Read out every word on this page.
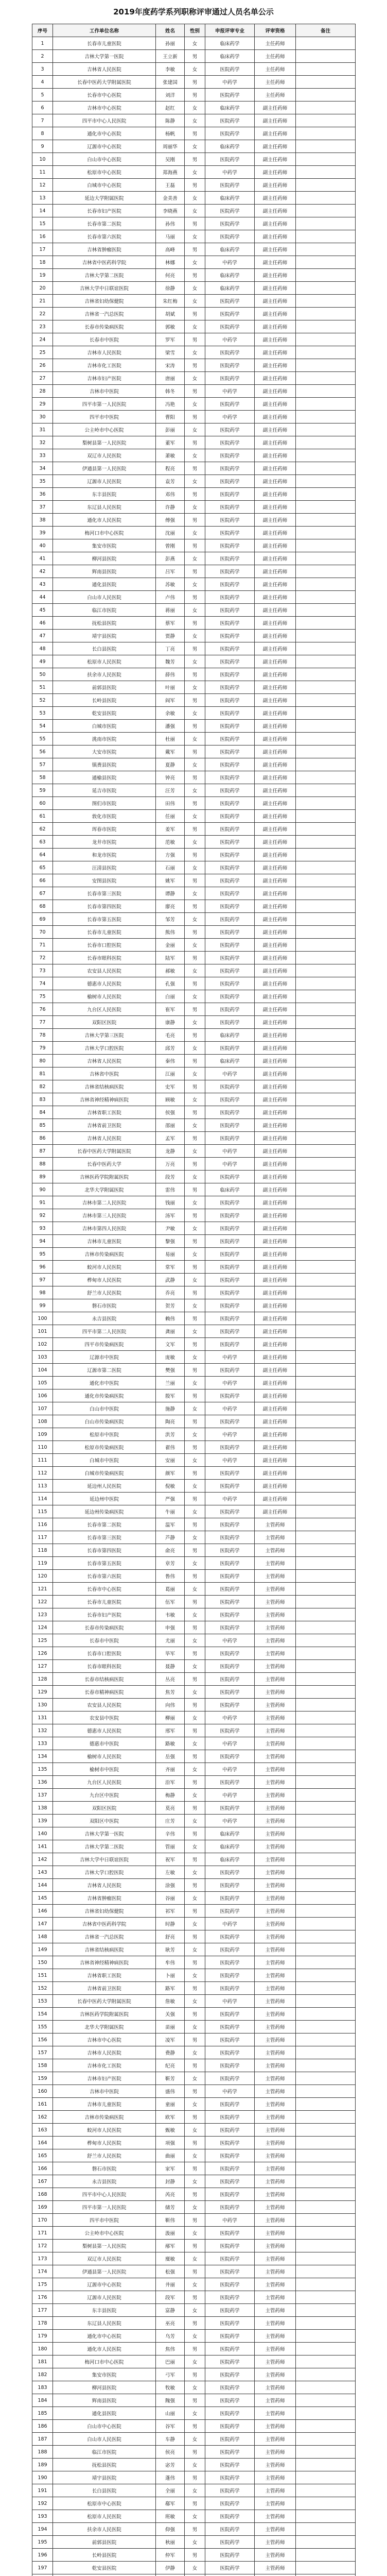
2019年度药学系列职称评审通过人员名单公示
序号	工作单位名称	姓名	性别	申报评审专业	评审资格	备注
1	长春市儿童医院	孙丽	女	临床药学	主任药师	
2	吉林大学第一医院	王立新	男	临床药学	主任药师	
3	吉林省人民医院	李敏	女	医院药学	主任药师	
4	长春中医药大学附属医院	张建国	男	中药学	主任药师	
5	长春市中心医院	刘洋	男	医院药学	主任药师	
6	吉林市中心医院	赵红	女	临床药学	副主任药师	
7	四平市中心人民医院	陈静	女	医院药学	副主任药师	
8	通化市中心医院	杨帆	男	医院药学	副主任药师	
9	辽源市中心医院	周丽华	女	临床药学	副主任药师	
10	白山市中心医院	吴刚	男	医院药学	副主任药师	
11	松原市中心医院	郑海燕	女	中药学	副主任药师	
12	白城市中心医院	王磊	男	医院药学	副主任药师	
13	延边大学附属医院	金美善	女	临床药学	副主任药师	
14	长春市妇产医院	李晓燕	女	医院药学	副主任药师	
15	长春市第二医院	孙伟	男	医院药学	副主任药师	
16	长春市第六医院	马丽	女	医院药学	副主任药师	
17	吉林省肿瘤医院	高峰	男	临床药学	副主任药师	
18	吉林省中医药科学院	林娜	女	中药学	副主任药师	
19	吉林大学第二医院	何亮	男	临床药学	副主任药师	
20	吉林大学中日联谊医院	徐静	女	临床药学	副主任药师	
21	吉林省妇幼保健院	朱红梅	女	医院药学	副主任药师	
22	吉林省一汽总医院	胡斌	男	医院药学	副主任药师	
23	长春市传染病医院	郭敏	女	医院药学	副主任药师	
24	长春市中医院	罗军	男	中药学	副主任药师	
25	吉林市人民医院	梁雪	女	医院药学	副主任药师	
26	吉林市化工医院	宋涛	男	医院药学	副主任药师	
27	吉林市妇产医院	唐丽	女	医院药学	副主任药师	
28	吉林市中医院	韩冬	男	中药学	副主任药师	
29	四平市第一人民医院	冯艳	女	医院药学	副主任药师	
30	四平市中医院	曹阳	男	中药学	副主任药师	
31	公主岭市中心医院	彭丽	女	医院药学	副主任药师	
32	梨树县第一人民医院	董军	男	医院药学	副主任药师	
33	双辽市人民医院	萧敏	女	医院药学	副主任药师	
34	伊通县第一人民医院	程亮	男	医院药学	副主任药师	
35	辽源市人民医院	袁芳	女	医院药学	副主任药师	
36	东丰县医院	邓伟	男	医院药学	副主任药师	
37	东辽县人民医院	许静	女	医院药学	副主任药师	
38	通化市人民医院	傅强	男	医院药学	副主任药师	
39	梅河口市中心医院	沈丽	女	医院药学	副主任药师	
40	集安市医院	曾刚	男	医院药学	副主任药师	
41	柳河县医院	彭燕	女	医院药学	副主任药师	
42	辉南县医院	吕军	男	医院药学	副主任药师	
43	通化县医院	苏敏	女	医院药学	副主任药师	
44	白山市人民医院	卢伟	男	医院药学	副主任药师	
45	临江市医院	蒋丽	女	医院药学	副主任药师	
46	抚松县医院	蔡军	男	医院药学	副主任药师	
47	靖宇县医院	贾静	女	医院药学	副主任药师	
48	长白县医院	丁亮	男	医院药学	副主任药师	
49	松原市人民医院	魏芳	女	医院药学	副主任药师	
50	扶余市人民医院	薛伟	男	医院药学	副主任药师	
51	前郭县医院	叶丽	女	医院药学	副主任药师	
52	长岭县医院	阎军	男	医院药学	副主任药师	
53	乾安县医院	余敏	女	医院药学	副主任药师	
54	白城市医院	潘强	男	医院药学	副主任药师	
55	洮南市医院	杜丽	女	医院药学	副主任药师	
56	大安市医院	戴军	男	医院药学	副主任药师	
57	镇赉县医院	夏静	女	医院药学	副主任药师	
58	通榆县医院	钟亮	男	医院药学	副主任药师	
59	延吉市医院	汪芳	女	医院药学	副主任药师	
60	图们市医院	田伟	男	医院药学	副主任药师	
61	敦化市医院	任丽	女	医院药学	副主任药师	
62	珲春市医院	姜军	男	医院药学	副主任药师	
63	龙井市医院	范敏	女	医院药学	副主任药师	
64	和龙市医院	方强	男	医院药学	副主任药师	
65	汪清县医院	石丽	女	医院药学	副主任药师	
66	安图县医院	姚军	男	医院药学	副主任药师	
67	长春市第三医院	谭静	女	医院药学	副主任药师	
68	长春市第四医院	廖亮	男	医院药学	副主任药师	
69	长春市第五医院	邹芳	女	医院药学	副主任药师	
70	长春市儿童医院	熊伟	男	医院药学	副主任药师	
71	长春市口腔医院	金丽	女	医院药学	副主任药师	
72	长春市眼科医院	陆军	男	医院药学	副主任药师	
73	农安县人民医院	郝敏	女	医院药学	副主任药师	
74	德惠市人民医院	孔强	男	医院药学	副主任药师	
75	榆树市人民医院	白丽	女	医院药学	副主任药师	
76	九台区人民医院	崔军	男	医院药学	副主任药师	
77	双阳区医院	康静	女	医院药学	副主任药师	
78	吉林大学第三医院	毛亮	男	临床药学	副主任药师	
79	吉林大学口腔医院	邱芳	女	医院药学	副主任药师	
80	吉林省人民医院	秦伟	男	临床药学	副主任药师	
81	吉林省中医院	江丽	女	中药学	副主任药师	
82	吉林省结核病医院	史军	男	医院药学	副主任药师	
83	吉林省神经精神病医院	顾敏	女	医院药学	副主任药师	
84	吉林省职工医院	侯强	男	医院药学	副主任药师	
85	吉林省前卫医院	邵丽	女	医院药学	副主任药师	
86	吉林省人民医院	孟军	男	医院药学	副主任药师	
87	长春中医药大学附属医院	龙静	女	中药学	副主任药师	
88	长春中医药大学	万亮	男	中药学	副主任药师	
89	吉林医药学院附属医院	段芳	女	医院药学	副主任药师	
90	北华大学附属医院	雷伟	男	临床药学	副主任药师	
91	吉林市第二人民医院	钱丽	女	医院药学	副主任药师	
92	吉林市第三人民医院	汤军	男	医院药学	副主任药师	
93	吉林市第四人民医院	尹敏	女	医院药学	副主任药师	
94	吉林市儿童医院	黎强	男	医院药学	副主任药师	
95	吉林市传染病医院	易丽	女	医院药学	副主任药师	
96	蛟河市人民医院	常军	男	医院药学	副主任药师	
97	桦甸市人民医院	武静	女	医院药学	副主任药师	
98	舒兰市人民医院	乔亮	男	医院药学	副主任药师	
99	磐石市医院	贺芳	女	医院药学	副主任药师	
100	永吉县医院	赖伟	男	医院药学	副主任药师	
101	四平市第二人民医院	龚丽	女	医院药学	副主任药师	
102	四平市传染病医院	文军	男	医院药学	副主任药师	
103	辽源市中医院	庞敏	女	中药学	副主任药师	
104	辽源市第二医院	樊强	男	医院药学	副主任药师	
105	通化市中医院	兰丽	女	中药学	副主任药师	
106	通化市传染病医院	殷军	男	医院药学	副主任药师	
107	白山市中医院	施静	女	中药学	副主任药师	
108	白山市传染病医院	陶亮	男	医院药学	副主任药师	
109	松原市中医院	洪芳	女	中药学	副主任药师	
110	松原市传染病医院	翟伟	男	医院药学	副主任药师	
111	白城市中医院	安丽	女	中药学	副主任药师	
112	白城市传染病医院	颜军	男	医院药学	副主任药师	
113	延边州人民医院	倪敏	女	医院药学	副主任药师	
114	延边州中医院	严强	男	中药学	副主任药师	
115	延边州传染病医院	牛丽	女	医院药学	副主任药师	
116	长春市第二医院	温军	男	医院药学	主管药师	
117	长春市第三医院	芦静	女	医院药学	主管药师	
118	长春市第四医院	俞亮	男	医院药学	主管药师	
119	长春市第五医院	章芳	女	医院药学	主管药师	
120	长春市第六医院	鲁伟	男	医院药学	主管药师	
121	长春市中心医院	葛丽	女	医院药学	主管药师	
122	长春市儿童医院	伍军	男	医院药学	主管药师	
123	长春市妇产医院	韦敏	女	医院药学	主管药师	
124	长春市传染病医院	申强	男	医院药学	主管药师	
125	长春市中医院	尤丽	女	中药学	主管药师	
126	长春市口腔医院	毕军	男	医院药学	主管药师	
127	长春市眼科医院	聂静	女	医院药学	主管药师	
128	长春市结核病医院	丛亮	男	医院药学	主管药师	
129	长春市精神病医院	焦芳	女	医院药学	主管药师	
130	农安县人民医院	向伟	男	医院药学	主管药师	
131	农安县中医院	柳丽	女	中药学	主管药师	
132	德惠市人民医院	邢军	男	医院药学	主管药师	
133	德惠市中医院	路敏	女	中药学	主管药师	
134	榆树市人民医院	岳强	男	医院药学	主管药师	
135	榆树市中医院	齐丽	女	中药学	主管药师	
136	九台区人民医院	沿军	男	医院药学	主管药师	
137	九台区中医院	梅静	女	中药学	主管药师	
138	双阳区医院	莫亮	男	医院药学	主管药师	
139	双阳区中医院	庄芳	女	中药学	主管药师	
140	吉林大学第一医院	辛伟	男	临床药学	主管药师	
141	吉林大学第二医院	管丽	女	临床药学	主管药师	
142	吉林大学中日联谊医院	祝军	男	临床药学	主管药师	
143	吉林大学口腔医院	左敏	女	医院药学	主管药师	
144	吉林省人民医院	涂强	男	医院药学	主管药师	
145	吉林省肿瘤医院	谷丽	女	医院药学	主管药师	
146	吉林省妇幼保健院	祁军	男	医院药学	主管药师	
147	吉林省中医药科学院	时静	女	中药学	主管药师	
148	吉林省一汽总医院	舒亮	男	医院药学	主管药师	
149	吉林省结核病医院	耿芳	女	医院药学	主管药师	
150	吉林省神经精神病医院	牟伟	男	医院药学	主管药师	
151	吉林省职工医院	卜丽	女	医院药学	主管药师	
152	吉林省前卫医院	路军	男	医院药学	主管药师	
153	长春中医药大学附属医院	詹敏	女	中药学	主管药师	
154	吉林医药学院附属医院	关强	男	医院药学	主管药师	
155	北华大学附属医院	苗丽	女	医院药学	主管药师	
156	吉林市中心医院	凌军	男	医院药学	主管药师	
157	吉林市人民医院	费静	女	医院药学	主管药师	
158	吉林市化工医院	纪亮	男	医院药学	主管药师	
159	吉林市妇产医院	靳芳	女	医院药学	主管药师	
160	吉林市中医院	盛伟	男	中药学	主管药师	
161	吉林市儿童医院	童丽	女	医院药学	主管药师	
162	吉林市传染病医院	欧军	男	医院药学	主管药师	
163	蛟河市人民医院	甄敏	女	医院药学	主管药师	
164	桦甸市人民医院	项强	男	医院药学	主管药师	
165	舒兰市人民医院	曲丽	女	医院药学	主管药师	
166	磐石市医院	家军	男	医院药学	主管药师	
167	永吉县医院	封静	女	医院药学	主管药师	
168	四平市中心人民医院	芮亮	男	医院药学	主管药师	
169	四平市第一人民医院	储芳	女	医院药学	主管药师	
170	四平市中医院	靳伟	男	中药学	主管药师	
171	公主岭市中心医院	汲丽	女	医院药学	主管药师	
172	梨树县第一人民医院	邴军	男	医院药学	主管药师	
173	双辽市人民医院	糜敏	女	医院药学	主管药师	
174	伊通县第一人民医院	松强	男	医院药学	主管药师	
175	辽源市中心医院	井丽	女	医院药学	主管药师	
176	辽源市人民医院	段军	男	医院药学	主管药师	
177	东丰县医院	富静	女	医院药学	主管药师	
178	东辽县人民医院	巫亮	男	医院药学	主管药师	
179	通化市中心医院	乌芳	女	医院药学	主管药师	
180	通化市人民医院	焦伟	男	医院药学	主管药师	
181	梅河口市中心医院	巴丽	女	医院药学	主管药师	
182	集安市医院	弓军	男	医院药学	主管药师	
183	柳河县医院	牧敏	女	医院药学	主管药师	
184	辉南县医院	隗强	男	医院药学	主管药师	
185	通化县医院	山丽	女	医院药学	主管药师	
186	白山市中心医院	谷军	男	医院药学	主管药师	
187	白山市人民医院	车静	女	医院药学	主管药师	
188	临江市医院	侯亮	男	医院药学	主管药师	
189	抚松县医院	宓芳	女	医院药学	主管药师	
190	靖宇县医院	蓬伟	男	医院药学	主管药师	
191	长白县医院	全丽	女	医院药学	主管药师	
192	松原市中心医院	郗军	男	医院药学	主管药师	
193	松原市人民医院	班敏	女	医院药学	主管药师	
194	扶余市人民医院	仰强	男	医院药学	主管药师	
195	前郭县医院	秋丽	女	医院药学	主管药师	
196	长岭县医院	仲军	男	医院药学	主管药师	
197	乾安县医院	伊静	女	医院药学	主管药师	
